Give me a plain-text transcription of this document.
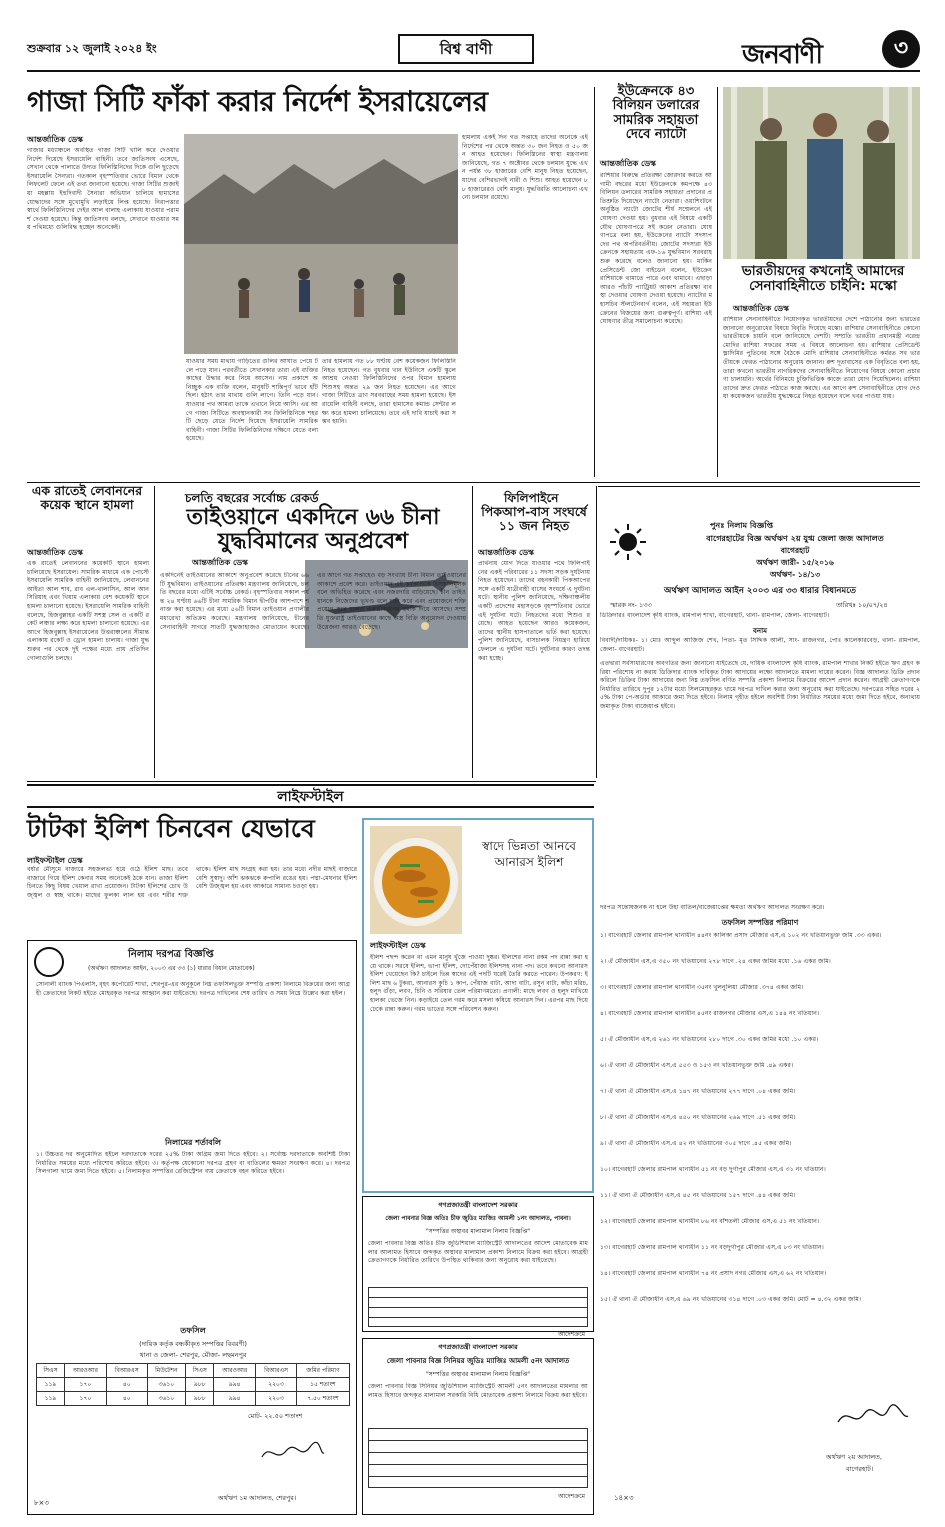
শুক্রবার ১২ জুলাই ২০২৪ ইং	বিশ্ব বাণী	জনবাণী	৩
গাজা সিটি ফাঁকা করার নির্দেশ ইসরায়েলের
আন্তর্জাতিক ডেস্ক
গাজার মধ্যাঞ্চলে অবস্থিত গাজা সিটি খালি করে দেওয়ার নির্দেশ দিয়েছে ইসরায়েলি বাহিনী। তবে জাতিসংঘ এসেছে, সেখান থেকে পালাতে উদ্যত ফিলিস্তিনিদের দিকে গুলি ছুড়েছে ইসরায়েলি সৈন্যরা। গতকাল বৃহস্পতিবার ভোরে বিমান থেকে লিফলেট ফেলে এই তথ্য জানানো হয়েছে। গাজা সিটির শুজাইয়া মহল্লায় ইহুদিবাদী সৈন্যরা অভিযান চালিয়ে হামাসের যোদ্ধাদের সঙ্গে মুখোমুখি লড়াইয়ে লিপ্ত হয়েছে। নিরাপত্তার স্বার্থে ফিলিস্তিনিদের দেইর আল বালাহ এলাকায় যাওয়ার পরামর্শ দেওয়া হয়েছে। কিন্তু জাতিসংঘ বলছে, সেখানে যাওয়ার সময় পথিমধ্যে গুলিবিদ্ধ হচ্ছেন অনেকেই।
যাওয়ার সময় মাথায় গাড়িতের গুলির আঘাত পেয়ে টলে পড়ে যান। পরবর্তীতে সেখানকার তারা এই ব্যক্তির কাছের উদ্ধার করে নিয়ে আসেন। নাম প্রকাশে অনিচ্ছুক এক ব্যক্তি বলেন, মানুষটি শান্তিপূর্ণ ভাবে হাঁটছিল। হঠাৎ তার মাথায় গুলি লাগে। তিনি পড়ে যান। যাওয়ার পথ আমরা তাকে এখানে নিয়ে আসি। এর আগে গাজা সিটিতে অবস্থানকারী সব ফিলিস্তিনিকে শহরটি ছেড়ে যেতে নির্দেশ দিয়েছে ইসরায়েলি সামরিক বাহিনী। গাজা সিটির ফিলিস্তিনিদের দক্ষিণে যেতে বলা হয়েছে।
তার হামলায় গত ৮৮ ঘণ্টায় বেশ কয়েকজন ফিলিস্তিনি নিহত হয়েছেন। গত বুধবার খান ইউনিসে একটি স্কুলে আশ্রয় নেওয়া ফিলিস্তিনিদের ওপর বিমান হামলায় শিশুসহ অন্তত ২৯ জন নিহত হয়েছেন। এর আগে গাজা সিটিতে ত্রাণ সরবরাহের সময় হামলা হয়েছে। ইসরায়েলি বাহিনী বলছে, তারা হামাসের কমান্ড সেন্টার লক্ষ্য করে হামলা চালিয়েছে। তবে এই দাবি যাচাই করা সম্ভব হয়নি।
হামলায় একই দিন গত সপ্তাহে তাদের অনেকে এই নির্দেশের পর থেকে অন্তত ৩০ জন নিহত ও ৫০ জন আহত হয়েছেন। ফিলিস্তিনের স্বাস্থ্য মন্ত্রণালয় জানিয়েছে, গত ৭ অক্টোবর থেকে চলমান যুদ্ধে এখন পর্যন্ত ৩৮ হাজারের বেশি মানুষ নিহত হয়েছেন, যাদের বেশিরভাগই নারী ও শিশু। আহত হয়েছেন ৮৮ হাজারেরও বেশি মানুষ। যুদ্ধবিরতি আলোচনা এখনো চলমান রয়েছে।
ইউক্রেনকে ৪৩ বিলিয়ন ডলারের সামরিক সহায়তা দেবে ন্যাটো
আন্তর্জাতিক ডেস্ক
রাশিয়ার বিরুদ্ধে প্রতিরক্ষা জোরদার করতে আগামী বছরের মধ্যে ইউক্রেনকে কমপক্ষে ৪৩ বিলিয়ন ডলারের সামরিক সহায়তা প্রদানের প্রতিশ্রুতি দিয়েছেন ন্যাটো নেতারা। ওয়াশিংটনে অনুষ্ঠিত ন্যাটো জোটের শীর্ষ সম্মেলনে এই ঘোষণা দেওয়া হয়। বুধবার এই বিষয়ে একটি যৌথ ঘোষণাপত্রে সই করেন নেতারা। ঘোষণাপত্রে বলা হয়, ইউক্রেনের ন্যাটো সদস্যপদের পথ অপরিবর্তনীয়। জোটের সদস্যরা ইউক্রেনকে সহায়তায় এফ-১৬ যুদ্ধবিমান সরবরাহ শুরু করেছে বলেও জানানো হয়। মার্কিন প্রেসিডেন্ট জো বাইডেন বলেন, ইউক্রেন রাশিয়াকে থামাতে পারে এবং থামাবে। এছাড়া আরও পাঁচটি প্যাট্রিয়ট আকাশ প্রতিরক্ষা ব্যবস্থা দেওয়ার ঘোষণা দেওয়া হয়েছে। ন্যাটোর মহাসচিব স্টলটেনবার্গ বলেন, এই সহায়তা ইউক্রেনের বিজয়ের জন্য গুরুত্বপূর্ণ। রাশিয়া এই ঘোষণার তীব্র সমালোচনা করেছে।
ভারতীয়দের কখনোই আমাদের সেনাবাহিনীতে চাইনি: মস্কো
আন্তর্জাতিক ডেস্ক
রাশিয়ান সেনাবাহিনীতে নিয়োগকৃত ভারতীয়দের দেশে পাঠানোর জন্য ভারতের জানানো অনুরোধের বিষয়ে বিবৃতি দিয়েছে মস্কো। রাশিয়ার সেনাবাহিনীতে কোনো ভারতীয়কে চায়নি বলে জানিয়েছে দেশটি। সম্প্রতি ভারতীয় প্রধানমন্ত্রী নরেন্দ্র মোদির রাশিয়া সফরের সময় এ বিষয়ে আলোচনা হয়। রাশিয়ার প্রেসিডেন্ট ভ্লাদিমির পুতিনের সঙ্গে বৈঠকে মোদি রাশিয়ার সেনাবাহিনীতে কর্মরত সব ভারতীয়কে ফেরত পাঠানোর অনুরোধ জানান। রুশ দূতাবাসের এক বিবৃতিতে বলা হয়, তারা কখনো ভারতীয় নাগরিকদের সেনাবাহিনীতে নিয়োগের বিষয়ে কোনো প্রচারণা চালায়নি। অর্থের বিনিময়ে চুক্তিভিত্তিক কাজে তারা যোগ দিয়েছিলেন। রাশিয়া তাদের দ্রুত ফেরত পাঠাতে কাজ করছে। এর আগে রুশ সেনাবাহিনীতে যোগ দেওয়া কয়েকজন ভারতীয় যুদ্ধক্ষেত্রে নিহত হয়েছেন বলে খবর পাওয়া যায়।
এক রাতেই লেবাননের কয়েক স্থানে হামলা
আন্তর্জাতিক ডেস্ক
এক রাতেই লেবাননের কয়েকটি স্থানে হামলা চালিয়েছে ইসরায়েল। সামরিক মাধ্যমে এক পোস্টে ইসরায়েলি সামরিক বাহিনী জানিয়েছে, লেবাননের আইতা আল শাব, রাব এল-থালাসিন, আল আনসিরিয়াহ এবং খিয়াম এলাকায় বেশ কয়েকটি স্থানে হামলা চালানো হয়েছে। ইসরায়েলি সামরিক বাহিনী বলেছে, হিজবুল্লাহর একটি সশস্ত্র সেল ও একটি রকেট লঞ্চার লক্ষ্য করে হামলা চালানো হয়েছে। এর আগে হিজবুল্লাহ ইসরায়েলের উত্তরাঞ্চলের সীমান্ত এলাকায় রকেট ও ড্রোন হামলা চালায়। গাজা যুদ্ধ শুরুর পর থেকে দুই পক্ষের মধ্যে প্রায় প্রতিদিন গোলাগুলি চলছে।
চলতি বছরের সর্বোচ্চ রেকর্ড
তাইওয়ানে একদিনে ৬৬ চীনা যুদ্ধবিমানের অনুপ্রবেশ
আন্তর্জাতিক ডেস্ক
একদিনেই তাইওয়ানের আকাশে অনুপ্রবেশ করেছে চীনের ৬৬টি যুদ্ধবিমান। তাইওয়ানের প্রতিরক্ষা মন্ত্রণালয় জানিয়েছে, চলতি বছরের মধ্যে এটিই সর্বোচ্চ রেকর্ড। বৃহস্পতিবার সকাল পর্যন্ত ২৪ ঘণ্টায় ৬৬টি চীনা সামরিক বিমান দ্বীপটির আশপাশে শনাক্ত করা হয়েছে। এর মধ্যে ৫৬টি বিমান তাইওয়ান প্রণালীর মধ্যরেখা অতিক্রম করেছে। মন্ত্রণালয় জানিয়েছে, চীনের সেনাবাহিনী সাগরে সাতটি যুদ্ধজাহাজও মোতায়েন করেছে। এর আগে গত সপ্তাহেও বড় সংখ্যায় চীনা বিমান তাইওয়ানের আকাশে প্রবেশ করে। তাইওয়ান এই কর্মকাণ্ডকে উসকানিমূলক বলে অভিহিত করেছে এবং নজরদারি বাড়িয়েছে। চীন তাইওয়ানকে নিজেদের ভূখণ্ড বলে দাবি করে এবং প্রয়োজনে শক্তি প্রয়োগ করে হলেও একত্রীকরণের হুমকি দিয়ে আসছে। সম্প্রতি যুক্তরাষ্ট্র তাইওয়ানের কাছে অস্ত্র বিক্রি অনুমোদন দেওয়ায় উত্তেজনা আরও বেড়েছে।
ফিলিপাইনে
পিকআপ-বাস সংঘর্ষে ১১ জন নিহত
আন্তর্জাতিক ডেস্ক
প্রার্থনায় যোগ দিতে যাওয়ার পথে ফিলিপাইনের একই পরিবারের ১১ সদস্য সড়ক দুর্ঘটনায় নিহত হয়েছেন। তাদের বহনকারী পিকআপের সঙ্গে একটি যাত্রীবাহী বাসের সংঘর্ষে এ দুর্ঘটনা ঘটে। স্থানীয় পুলিশ জানিয়েছে, দক্ষিণাঞ্চলীয় একটি প্রদেশের মহাসড়কে বৃহস্পতিবার ভোরে এই দুর্ঘটনা ঘটে। নিহতদের মধ্যে শিশুও রয়েছে। আহত হয়েছেন আরও কয়েকজন, তাদের স্থানীয় হাসপাতালে ভর্তি করা হয়েছে। পুলিশ জানিয়েছে, বাসচালক নিয়ন্ত্রণ হারিয়ে ফেললে এ দুর্ঘটনা ঘটে। দুর্ঘটনার কারণ তদন্ত করা হচ্ছে।
পুনঃ নিলাম বিজ্ঞপ্তি
বাগেরহাটের বিজ্ঞ অর্থঋণ ২য় যুগ্ম জেলা জজ আদালত
বাগেরহাট
অর্থঋণ জারী- ১৫/২০১৬
অর্থঋণ- ১৪/১৩
অর্থঋণ আদালত আইন ২০০৩ এর ৩৩ ধারার বিধানমতে
স্মারক নং- ১৩৩	তারিখঃ ১০/০৭/২৪
ডিক্রিদারঃ বাংলাদেশ কৃষি ব্যাংক, রামপাল শাখা, বাগেরহাট, থানা- রামপাল, জেলা- বাগেরহাট।
বনাম
বিবাদী/দায়িকঃ- ১। মোঃ আব্দুল আজিজ শেখ, পিতা- মৃত সিদ্দিক আলী, সাং- রাজনগর, পোঃ কালেকারবেড়, থানা- রামপাল, জেলা- বাগেরহাট।
এতদ্বারা সর্বসাধারণের অবগতির জন্য জানানো যাইতেছে যে, দায়িক বাংলাদেশ কৃষি ব্যাংক, রামপাল শাখার নিকট হইতে ঋণ গ্রহণ করিয়া পরিশোধ না করায় ডিক্রিদার ব্যাংক দাবিকৃত টাকা আদায়ের লক্ষ্যে আদালতে মামলা দায়ের করেন। বিজ্ঞ আদালত ডিক্রি প্রদান করিলে ডিক্রির টাকা আদায়ের জন্য নিম্ন তফসিল বর্ণিত সম্পত্তি প্রকাশ্য নিলামে বিক্রয়ের আদেশ প্রদান করেন। আগ্রহী ক্রেতাগণকে নির্ধারিত তারিখে দুপুর ১২টার মধ্যে সিলমোহরকৃত খামে দরপত্র দাখিল করার জন্য অনুরোধ করা যাইতেছে। দরপত্রের সহিত দরের ২৫% টাকা পে-অর্ডার আকারে জমা দিতে হইবে। নিলাম গৃহীত হইলে অবশিষ্ট টাকা নির্ধারিত সময়ের মধ্যে জমা দিতে হইবে, অন্যথায় জমাকৃত টাকা বাজেয়াপ্ত হইবে।
দরপত্র সন্তোষজনক না হলে উহা বাতিল/বাজেয়াপ্তের ক্ষমতা অর্থঋণ আদালত সংরক্ষণ করে।
তফসিল সম্পত্তির পরিমাণ
১। বাগেরহাট জেলার রামপাল থানাধীন ৪৪নং কালিকা প্রসাদ মৌজার এস,এ ১০২ নং খতিয়ানভুক্ত জমি .৩৩ একর।
২। ঐ মৌজাধীন এস,এ ৩৫০ নং খতিয়ানের ২৭৮ দাগে .২৪ একর জমির মধ্যে .১৬ একর জমি।
৩। বাগেরহাট জেলার রামপাল থানাধীন ৩৫নং খুলনুলিয়া মৌজার .৩৭৪ একর জমি।
৪। বাগেরহাট জেলার রামপাল থানাধীন ৪৫নং রাজনগর মৌজার এস,এ ১৪৪ নং খতিয়ান।
৫। ঐ মৌজাধীন এস,এ ২৬১ নং খতিয়ানের ২৮০ দাগে .৩০ একর জমির মধ্যে .১০ একর।
৬। ঐ থানা ঐ মৌজাধীন এস,এ ৫৫৩ ও ১৫৩ নং খতিয়ানভুক্ত জমি .৪৯ একর।
৭। ঐ থানা ঐ মৌজাধীন এস,এ ১৪৭ নং খতিয়ানের ২৭৭ দাগে .০৪ একর জমি।
৮। ঐ থানা ঐ মৌজাধীন এস,এ ৪৫০ নং খতিয়ানের ২৬৯ দাগে .৫১ একর জমি।
৯। ঐ থানা ঐ মৌজাধীন এস,এ ৪২ নং খতিয়ানের ৩০৫ দাগে .৪৫ একর জমি।
১০। বাগেরহাট জেলার রামপাল থানাধীন ৫১ নং বড় দুর্গাপুর মৌজার এস,এ ৩১ নং খতিয়ান।
১১। ঐ থানা ঐ মৌজাধীন এস,এ ৪৫ নং খতিয়ানের ১৫৭ দাগে .৪৪ একর জমি।
১২। বাগেরহাট জেলার রামপাল থানাধীন ৮৬ নং বাঁশতলী মৌজার এস,এ ৫১ নং খতিয়ান।
১৩। বাগেরহাট জেলার রামপাল থানাধীন ১১ নং বড়দুর্গাপুর মৌজার এস,এ ৮৩ নং খতিয়ান।
১৪। বাগেরহাট জেলার রামপাল থানাধীন ৭৪ নং প্রসাদ নগর মৌজার এস,এ ৬২ নং খতিয়ান।
১৫। ঐ থানা ঐ মৌজাধীন এস,এ ৬৯ নং খতিয়ানের ৩১৪ দাগে .০৩ একর জমি। মোট = ৪.৩২ একর জমি।
অর্থঋণ ২য় আদালত,
বাগেরহাট।
১৪×৩
লাইফস্টাইল
টাটকা ইলিশ চিনবেন যেভাবে
লাইফস্টাইল ডেস্ক
বর্ষার মৌসুমে বাজারে সহজলভ্য হয়ে ওঠে ইলিশ মাছ। তবে বাজারে গিয়ে ইলিশ কেনার সময় অনেকেই ঠকে যান। তাজা ইলিশ চিনতে কিছু বিষয় খেয়াল রাখা প্রয়োজন। টাটকা ইলিশের চোখ উজ্জ্বল ও স্বচ্ছ থাকে। মাছের ফুলকা লাল হয় এবং শরীর শক্ত থাকে। ইলিশ মাছ সংগ্রহ করা হয়। তার মধ্যে নদীর মাছই বাজারে বেশি সুস্বাদু। আঁশ ঝকঝকে রুপালি রঙের হয়। পদ্মা-মেঘনার ইলিশ বেশি উজ্জ্বল হয় এবং আকারে সামান্য চওড়া হয়।
স্বাদে ভিন্নতা আনবে আনারস ইলিশ
লাইফস্টাইল ডেস্ক
ইলিশ পছন্দ করেন না এমন মানুষ খুঁজে পাওয়া দুষ্কর। ইলিশের নানা রকম পদ রান্না করা হয়ে থাকে। সরষে ইলিশ, ভাপা ইলিশ, দোপেঁয়াজা ইলিশসহ নানা পদ। তবে কখনো আনারস ইলিশ খেয়েছেন কি? চাইলে ভিন্ন স্বাদের এই পদটি ঘরেই তৈরি করতে পারেন। উপকরণ: ইলিশ মাছ ৬ টুকরা, আনারস কুচি ১ কাপ, পেঁয়াজ বাটা, আদা বাটা, রসুন বাটা, কাঁচা মরিচ, হলুদ গুঁড়া, লবণ, চিনি ও সরিষার তেল পরিমাণমতো। প্রণালী: মাছে লবণ ও হলুদ মাখিয়ে হালকা ভেজে নিন। কড়াইয়ে তেল গরম করে মসলা কষিয়ে আনারস দিন। এরপর মাছ দিয়ে ঢেকে রান্না করুন। গরম ভাতের সঙ্গে পরিবেশন করুন।
নিলাম দরপত্র বিজ্ঞপ্তি
(অর্থঋণ আদালত আইন, ২০০৩ এর ৩৩ (১) ধারার বিধান মোতাবেক)
সোনালী ব্যাংক পিএলসি, বৃহৎ কর্পোরেট শাখা, শেরপুর-এর অনুকূলে নিম্ন তফসিলভুক্ত সম্পত্তি প্রকাশ্য নিলামে বিক্রয়ের জন্য আগ্রহী ক্রেতাদের নিকট হইতে মোহরকৃত দরপত্র আহ্বান করা যাইতেছে। দরপত্র দাখিলের শেষ তারিখ ও সময় নিম্নে উল্লেখ করা হইল।
নিলামের শর্তাবলি
১। উচ্চতর দর অনুমোদিত হইলে দরদাতাকে দরের ২৫% টাকা অগ্রিম জমা দিতে হইবে। ২। সর্বোচ্চ দরদাতাকে অবশিষ্ট টাকা নির্ধারিত সময়ের মধ্যে পরিশোধ করিতে হইবে। ৩। কর্তৃপক্ষ যেকোনো দরপত্র গ্রহণ বা বাতিলের ক্ষমতা সংরক্ষণ করে। ৪। দরপত্র সিলগালা খামে জমা দিতে হইবে। ৫। নিলামকৃত সম্পত্তির রেজিস্ট্রেশন ব্যয় ক্রেতাকে বহন করিতে হইবে।
তফসিল
(দায়িক কর্তৃক বন্ধকীকৃত সম্পত্তির বিবরণী)
থানা ও জেলা- শেরপুর, মৌজা- লছমনপুর
সিএস	আরওআর	বিআরএস	মিউটেশন	সিএস	আরওআর	বিআরএস	জমির পরিমাণ
১১৯	১৭০	৪০	৩৬১০	৯৮৮	৯৯৪	২২০৩	১৫ শতাংশ
১১৯	১৭০	৪০	৩৬১০	৯৮৮	৯৯৪	২২০৩	৭.৫০ শতাংশ
মোট- ২২.৫০ শতাংশ
অর্থঋণ ১ম আদালত, শেরপুর।
৮×৩
গণপ্রজাতন্ত্রী বাংলাদেশ সরকার
জেলা পাবনার বিজ্ঞ অতিঃ চীফ জুডিঃ ম্যাজিঃ আমলী ১নং আদালত, পাবনা।
"সম্পত্তির অস্থাবর মালামাল নিলাম বিজ্ঞপ্তি"
জেলা পাবনার বিজ্ঞ অতিঃ চীফ জুডিশিয়াল ম্যাজিস্ট্রেট আদালতের আদেশ মোতাবেক মামলার আলামত হিসাবে জব্দকৃত অস্থাবর মালামাল প্রকাশ্য নিলামে বিক্রয় করা হইবে। আগ্রহী ক্রেতাগণকে নির্ধারিত তারিখে উপস্থিত থাকিবার জন্য অনুরোধ করা যাইতেছে।
আদেশক্রমে
গণপ্রজাতন্ত্রী বাংলাদেশ সরকার
জেলা পাবনার বিজ্ঞ সিনিয়র জুডিঃ ম্যাজিঃ আমলী ৫নং আদালত
"সম্পত্তির অস্থাবর মালামাল নিলাম বিজ্ঞপ্তি"
জেলা পাবনার বিজ্ঞ সিনিয়র জুডিশিয়াল ম্যাজিস্ট্রেট আমলী ৫নং আদালতের মামলার আলামত হিসাবে জব্দকৃত মালামাল সরকারি বিধি মোতাবেক প্রকাশ্য নিলামে বিক্রয় করা হইবে।
আদেশক্রমে
